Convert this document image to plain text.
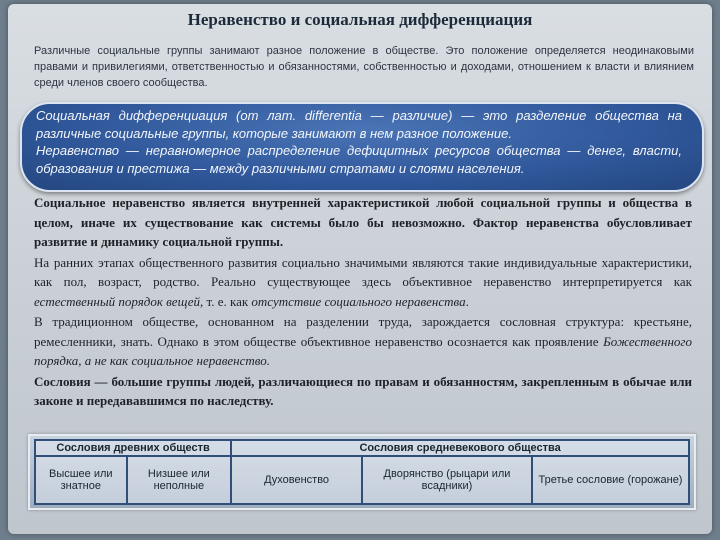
Неравенство и социальная дифференциация
Различные социальные группы занимают разное положение в обществе. Это положение определяется неодинаковыми правами и привилегиями, ответственностью и обязанностями, собственностью и доходами, отношением к власти и влиянием среди членов своего сообщества.

Социальная дифференциация (от лат. differentia — различие) — это разделение общества на различные социальные группы, которые занимают в нем разное положение.

Неравенство — неравномерное распределение дефицитных ресурсов общества — денег, власти, образования и престижа — между различными стратами и слоями населения.

Социальное неравенство является внутренней характеристикой любой социальной группы и общества в целом, иначе их существование как системы было бы невозможно. Фактор неравенства обусловливает развитие и динамику социальной группы.

На ранних этапах общественного развития социально значимыми являются такие индивидуальные характеристики, как пол, возраст, родство. Реально существующее здесь объективное неравенство интерпретируется как естественный порядок вещей, т. е. как отсутствие социального неравенства.

В традиционном обществе, основанном на разделении труда, зарождается сословная структура: крестьяне, ремесленники, знать. Однако в этом обществе объективное неравенство осознается как проявление Божественного порядка, а не как социальное неравенство.

Сословия — большие группы людей, различающиеся по правам и обязанностям, закрепленным в обычае или законе и передававшимся по наследству.

Сословия древних обществ		Сословия средневекового общества		
Высшее или знатное	Низшее или неполные	Духовенство	Дворянство (рыцари или всадники)	Третье сословие (горожане)
